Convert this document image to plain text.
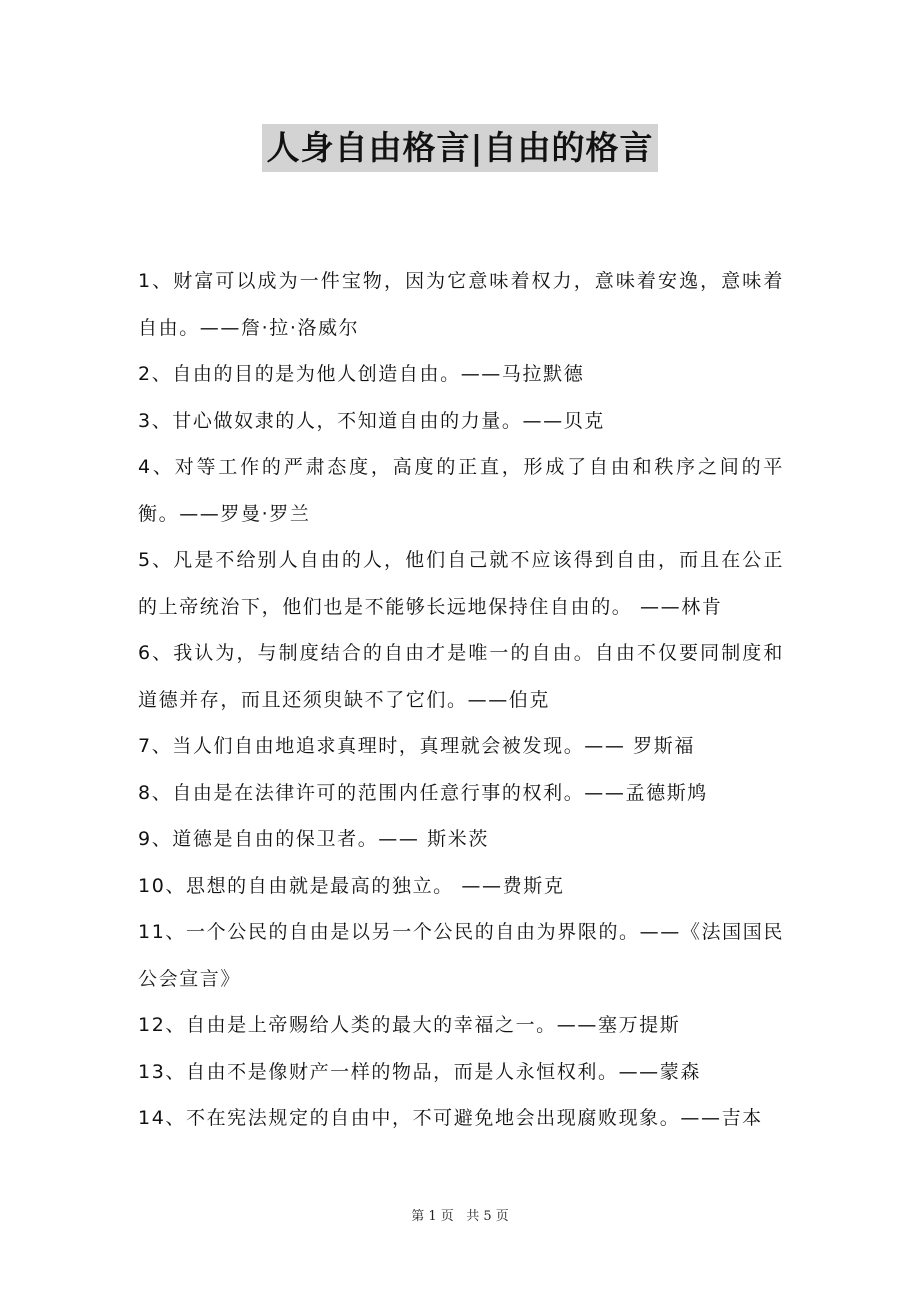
人身自由格言|自由的格言

1、财富可以成为一件宝物，因为它意味着权力，意味着安逸，意味着自由。——詹·拉·洛威尔

2、自由的目的是为他人创造自由。——马拉默德

3、甘心做奴隶的人，不知道自由的力量。——贝克

4、对等工作的严肃态度，高度的正直，形成了自由和秩序之间的平衡。——罗曼·罗兰

5、凡是不给别人自由的人，他们自己就不应该得到自由，而且在公正的上帝统治下，他们也是不能够长远地保持住自由的。 ——林肯

6、我认为，与制度结合的自由才是唯一的自由。自由不仅要同制度和道德并存，而且还须臾缺不了它们。——伯克

7、当人们自由地追求真理时，真理就会被发现。—— 罗斯福

8、自由是在法律许可的范围内任意行事的权利。——孟德斯鸠

9、道德是自由的保卫者。—— 斯米茨

10、思想的自由就是最高的独立。 ——费斯克

11、一个公民的自由是以另一个公民的自由为界限的。——《法国国民公会宣言》

12、自由是上帝赐给人类的最大的幸福之一。——塞万提斯

13、自由不是像财产一样的物品，而是人永恒权利。——蒙森

14、不在宪法规定的自由中，不可避免地会出现腐败现象。——吉本

第 1 页   共 5 页
